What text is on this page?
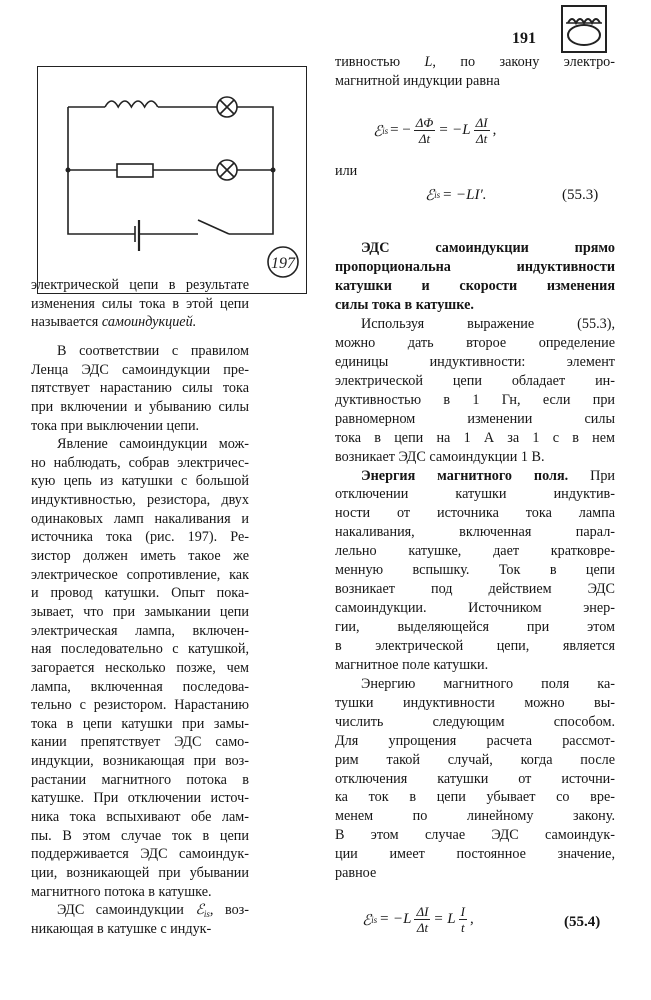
191
197
электрической цепи в результате
изменения силы тока в этой цепи
называется самоиндукцией.
В соответствии с правилом
Ленца ЭДС самоиндукции пре-
пятствует нарастанию силы тока
при включении и убыванию силы
тока при выключении цепи.
Явление самоиндукции мож-
но наблюдать, собрав электричес-
кую цепь из катушки с большой
индуктивностью, резистора, двух
одинаковых ламп накаливания и
источника тока (рис. 197). Ре-
зистор должен иметь такое же
электрическое сопротивление, как
и провод катушки. Опыт пока-
зывает, что при замыкании цепи
электрическая лампа, включен-
ная последовательно с катушкой,
загорается несколько позже, чем
лампа, включенная последова-
тельно с резистором. Нарастанию
тока в цепи катушки при замы-
кании препятствует ЭДС само-
индукции, возникающая при воз-
растании магнитного потока в
катушке. При отключении источ-
ника тока вспыхивают обе лам-
пы. В этом случае ток в цепи
поддерживается ЭДС самоиндук-
ции, возникающей при убывании
магнитного потока в катушке.
ЭДС самоиндукции ℰ$_{is}$, воз-
никающая в катушке с индук-
тивностью L, по закону электро-
магнитной индукции равна
ℰ is = − $\frac{\Delta\Phi}{\Delta t} = -L \frac{\Delta I}{\Delta t}$ ,
или
ℰ is = −LI′.	(55.3)
ЭДС самоиндукции прямо
пропорциональна индуктивности
катушки и скорости изменения
силы тока в катушке.
Используя выражение (55.3),
можно дать второе определение
единицы индуктивности: элемент
электрической цепи обладает ин-
дуктивностью в 1 Гн, если при
равномерном изменении силы
тока в цепи на 1 А за 1 с в нем
возникает ЭДС самоиндукции 1 В.
Энергия магнитного поля. При
отключении катушки индуктив-
ности от источника тока лампа
накаливания, включенная парал-
лельно катушке, дает кратковре-
менную вспышку. Ток в цепи
возникает под действием ЭДС
самоиндукции. Источником энер-
гии, выделяющейся при этом
в электрической цепи, является
магнитное поле катушки.
Энергию магнитного поля ка-
тушки индуктивности можно вы-
числить следующим способом.
Для упрощения расчета рассмот-
рим такой случай, когда после
отключения катушки от источни-
ка ток в цепи убывает со вре-
менем по линейному закону.
В этом случае ЭДС самоиндук-
ции имеет постоянное значение,
равное
ℰ is = $-L \frac{\Delta I}{\Delta t} = L \frac{I}{t}$ ,	(55.4)
